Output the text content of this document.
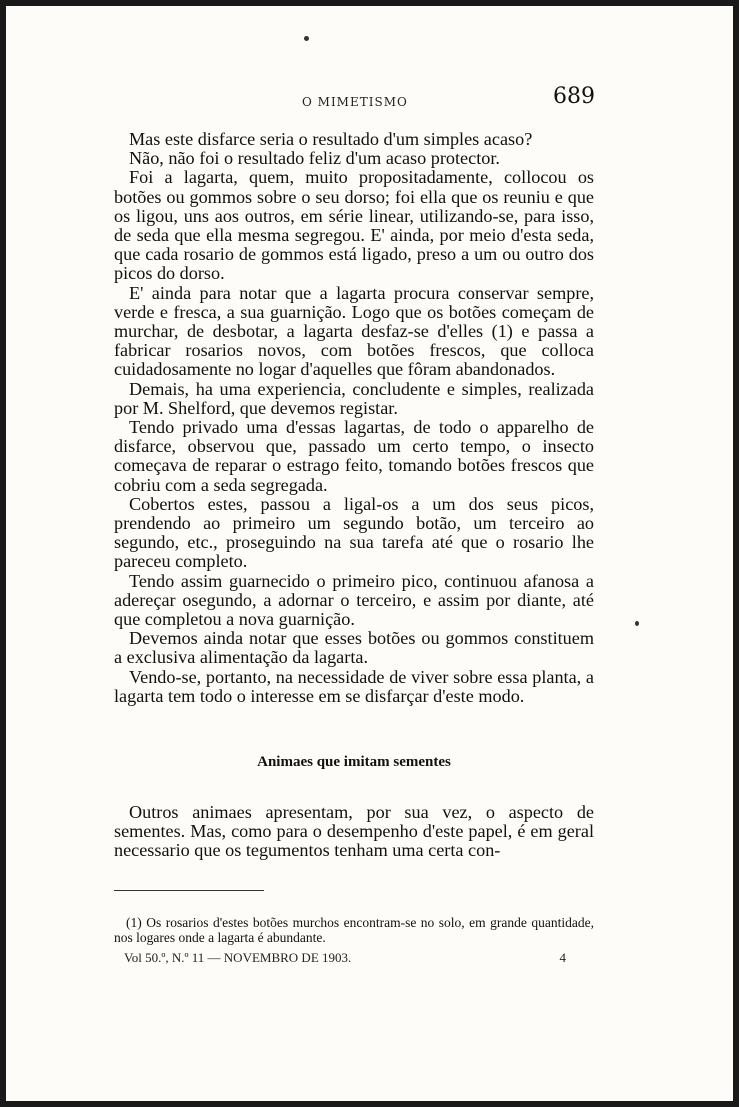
O MIMETISMO	689

Mas este disfarce seria o resultado d'um simples acaso?

Não, não foi o resultado feliz d'um acaso protector.

Foi a lagarta, quem, muito propositadamente, collocou os botões ou gommos sobre o seu dorso; foi ella que os reuniu e que os ligou, uns aos outros, em série linear, utilizando-se, para isso, de seda que ella mesma segregou. E' ainda, por meio d'esta seda, que cada rosario de gommos está ligado, preso a um ou outro dos picos do dorso.

E' ainda para notar que a lagarta procura conservar sempre, verde e fresca, a sua guarnição. Logo que os botões começam de murchar, de desbotar, a lagarta desfaz-se d'elles (1) e passa a fabricar rosarios novos, com botões frescos, que colloca cuidadosamente no logar d'aquelles que fôram abandonados.

Demais, ha uma experiencia, concludente e simples, realizada por M. Shelford, que devemos registar.

Tendo privado uma d'essas lagartas, de todo o apparelho de disfarce, observou que, passado um certo tempo, o insecto começava de reparar o estrago feito, tomando botões frescos que cobriu com a seda segregada.

Cobertos estes, passou a ligal-os a um dos seus picos, prendendo ao primeiro um segundo botão, um terceiro ao segundo, etc., proseguindo na sua tarefa até que o rosario lhe pareceu completo.

Tendo assim guarnecido o primeiro pico, continuou afanosa a adereçar osegundo, a adornar o terceiro, e assim por diante, até que completou a nova guarnição.

Devemos ainda notar que esses botões ou gommos constituem a exclusiva alimentação da lagarta.

Vendo-se, portanto, na necessidade de viver sobre essa planta, a lagarta tem todo o interesse em se disfarçar d'este modo.

Animaes que imitam sementes

Outros animaes apresentam, por sua vez, o aspecto de sementes. Mas, como para o desempenho d'este papel, é em geral necessario que os tegumentos tenham uma certa con-

(1) Os rosarios d'estes botões murchos encontram-se no solo, em grande quantidade, nos logares onde a lagarta é abundante.

Vol 50.º, N.º 11 — NOVEMBRO DE 1903.	4
